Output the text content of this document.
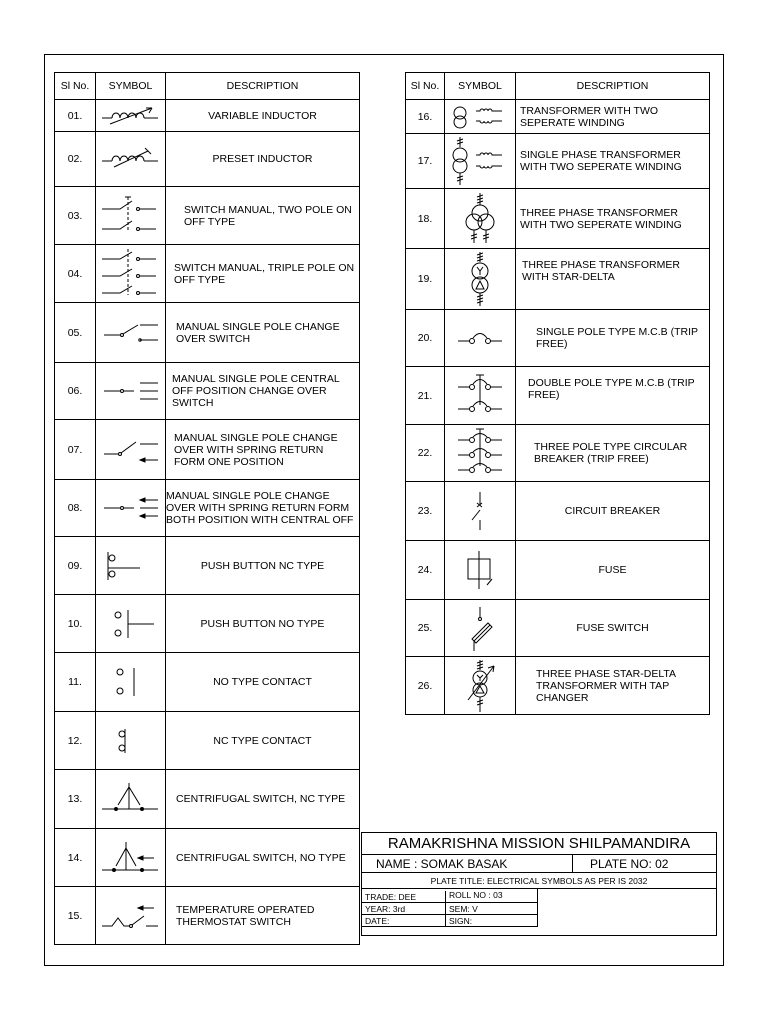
Sl No.	SYMBOL	DESCRIPTION
01.		VARIABLE INDUCTOR
02.		PRESET INDUCTOR
03.		SWITCH MANUAL, TWO POLE ON OFF TYPE
04.		SWITCH MANUAL, TRIPLE POLE ON OFF TYPE
05.		MANUAL SINGLE POLE CHANGE OVER SWITCH
06.		MANUAL SINGLE POLE CENTRAL OFF POSITION CHANGE OVER SWITCH
07.		MANUAL SINGLE POLE CHANGE OVER WITH SPRING RETURN FORM ONE POSITION
08.		MANUAL SINGLE POLE CHANGE OVER WITH SPRING RETURN FORM BOTH POSITION WITH CENTRAL OFF
09.		PUSH BUTTON NC TYPE
10.		PUSH BUTTON NO TYPE
11.		NO TYPE CONTACT
12.		NC TYPE CONTACT
13.		CENTRIFUGAL SWITCH, NC TYPE
14.		CENTRIFUGAL SWITCH, NO TYPE
15.		TEMPERATURE OPERATED THERMOSTAT SWITCH
Sl No.	SYMBOL	DESCRIPTION
16.		TRANSFORMER WITH TWO SEPERATE WINDING
17.		SINGLE PHASE TRANSFORMER WITH TWO SEPERATE WINDING
18.		THREE PHASE TRANSFORMER WITH TWO SEPERATE WINDING
19.		THREE PHASE TRANSFORMER WITH STAR-DELTA
20.		SINGLE POLE TYPE M.C.B (TRIP FREE)
21.		DOUBLE POLE TYPE M.C.B (TRIP FREE)
22.		THREE POLE TYPE CIRCULAR BREAKER (TRIP FREE)
23.		CIRCUIT BREAKER
24.		FUSE
25.		FUSE SWITCH
26.		THREE PHASE STAR-DELTA TRANSFORMER WITH TAP CHANGER
RAMAKRISHNA MISSION SHILPAMANDIRA
NAME : SOMAK BASAK	PLATE NO: 02
PLATE TITLE: ELECTRICAL SYMBOLS AS PER IS 2032
TRADE: DEE	ROLL NO : 03
YEAR: 3rd	SEM: V
DATE:	SIGN:
